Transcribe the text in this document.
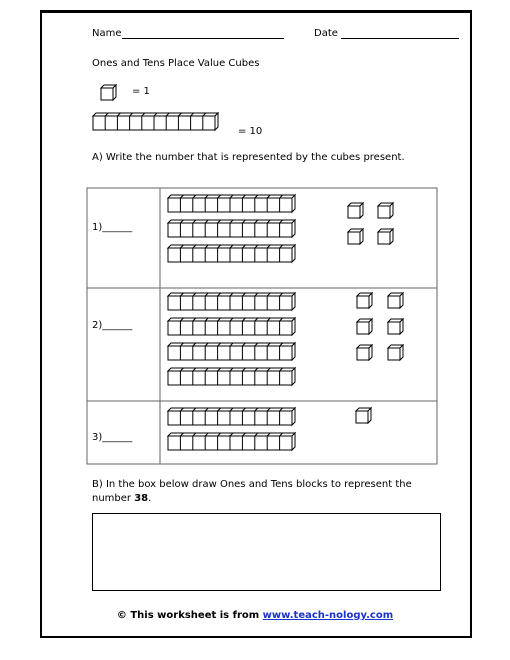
Name	Date
Ones and Tens Place Value Cubes
= 1
= 10
A) Write the number that is represented by the cubes present.
1)______
2)______
3)______
B) In the box below draw Ones and Tens blocks to represent the number 38.
© This worksheet is from www.teach-nology.com
